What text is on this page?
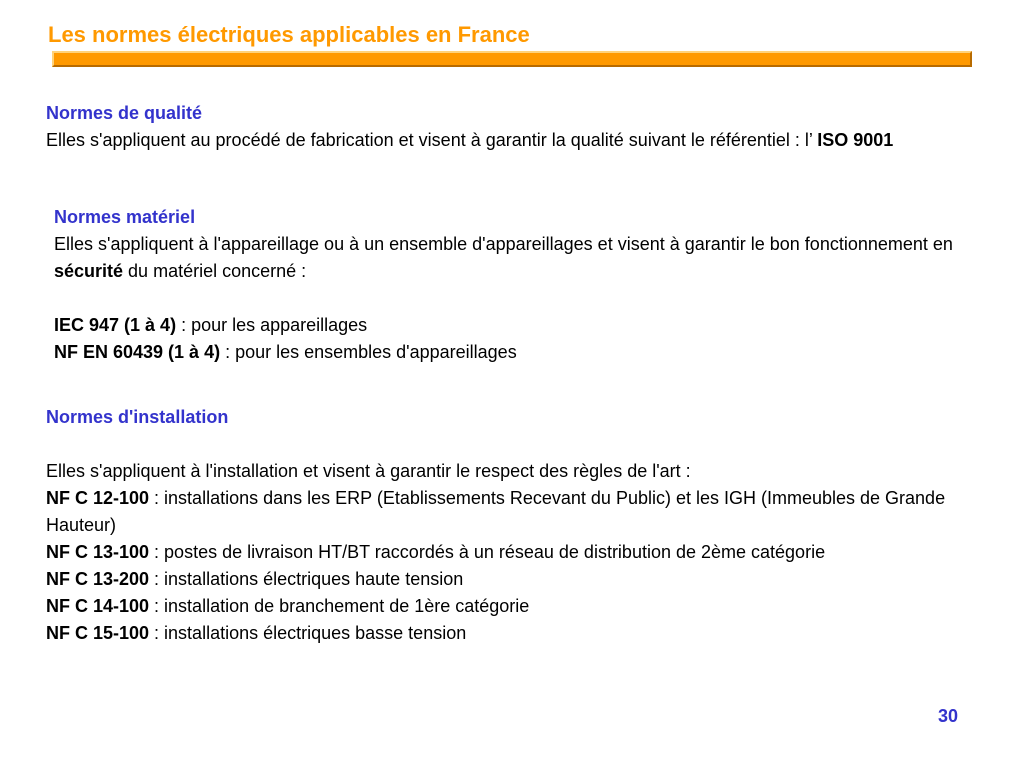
Les normes électriques applicables en France
Normes de qualité
Elles s'appliquent au procédé de fabrication et visent à garantir la qualité suivant le référentiel : l’ ISO 9001
Normes matériel
Elles s'appliquent à l'appareillage ou à un ensemble d'appareillages et visent à garantir le bon fonctionnement en sécurité du matériel concerné :
IEC 947 (1 à 4) : pour les appareillages
NF EN 60439 (1 à 4) : pour les ensembles d'appareillages
Normes d'installation
Elles s'appliquent à l'installation et visent à garantir le respect des règles de l'art :
NF C 12-100 : installations dans les ERP (Etablissements Recevant du Public) et les IGH (Immeubles de Grande Hauteur)
NF C 13-100 : postes de livraison HT/BT raccordés à un réseau de distribution de 2ème catégorie
NF C 13-200 : installations électriques haute tension
NF C 14-100 : installation de branchement de 1ère catégorie
NF C 15-100 : installations électriques basse tension
30
